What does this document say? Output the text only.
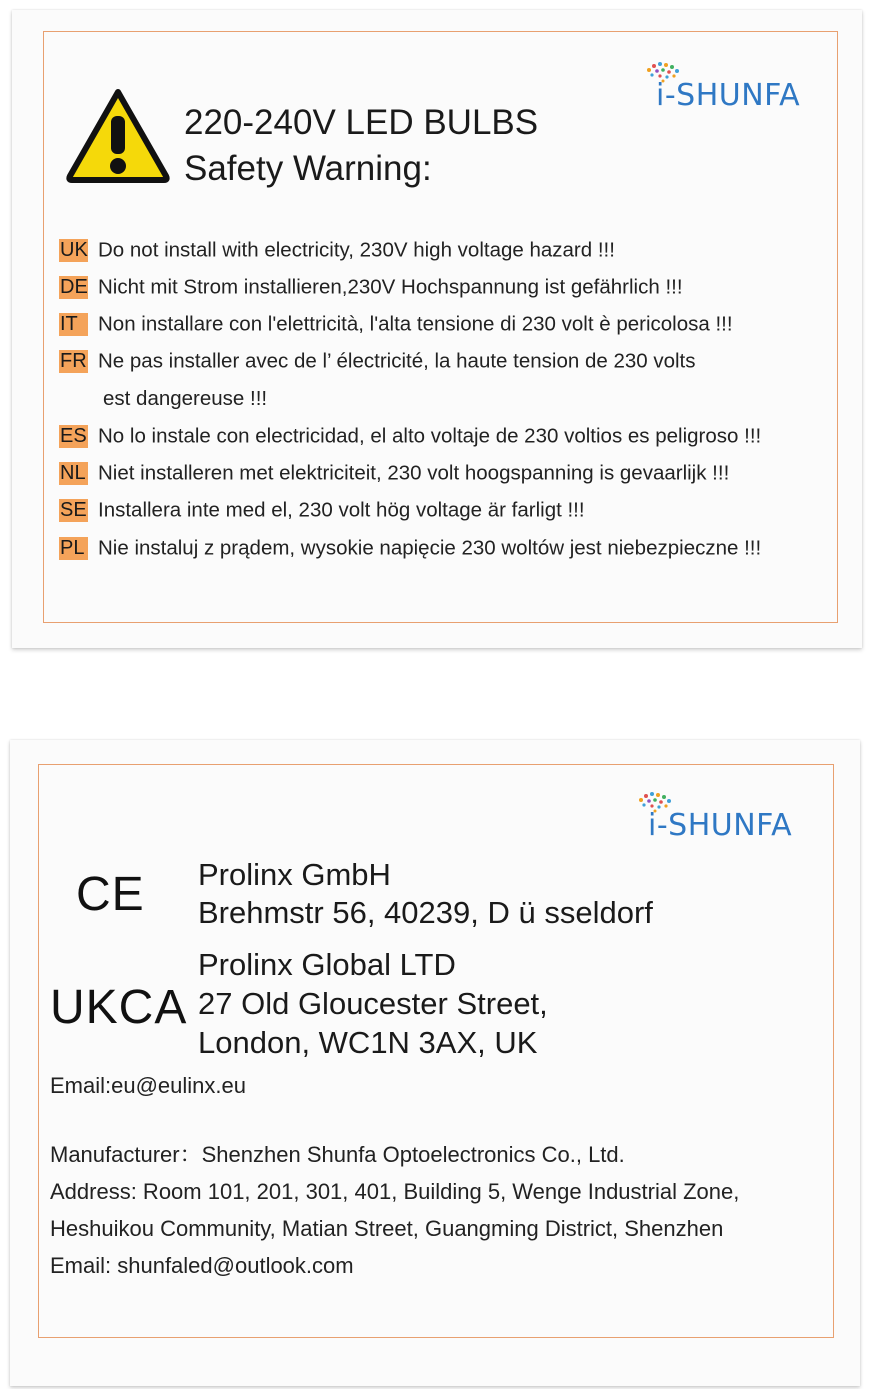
i-SHUNFA
220-240V LED BULBS
Safety Warning:
UK Do not install with electricity, 230V high voltage hazard !!!
DE Nicht mit Strom installieren,230V Hochspannung ist gefährlich !!!
IT Non installare con l'elettricità, l'alta tensione di 230 volt è pericolosa !!!
FR Ne pas installer avec de l’ électricité, la haute tension de 230 volts
est dangereuse !!!
ES No lo instale con electricidad, el alto voltaje de 230 voltios es peligroso !!!
NL Niet installeren met elektriciteit, 230 volt hoogspanning is gevaarlijk !!!
SE Installera inte med el, 230 volt hög voltage är farligt !!!
PL Nie instaluj z prądem, wysokie napięcie 230 woltów jest niebezpieczne !!!
i-SHUNFA
CE
UKCA
Prolinx GmbH
Brehmstr 56, 40239, D ü sseldorf
Prolinx Global LTD
27 Old Gloucester Street,
London, WC1N 3AX, UK
Email:eu@eulinx.eu
Manufacturer：Shenzhen Shunfa Optoelectronics Co., Ltd.
Address: Room 101, 201, 301, 401, Building 5, Wenge Industrial Zone,
Heshuikou Community, Matian Street, Guangming District, Shenzhen
Email: shunfaled@outlook.com
